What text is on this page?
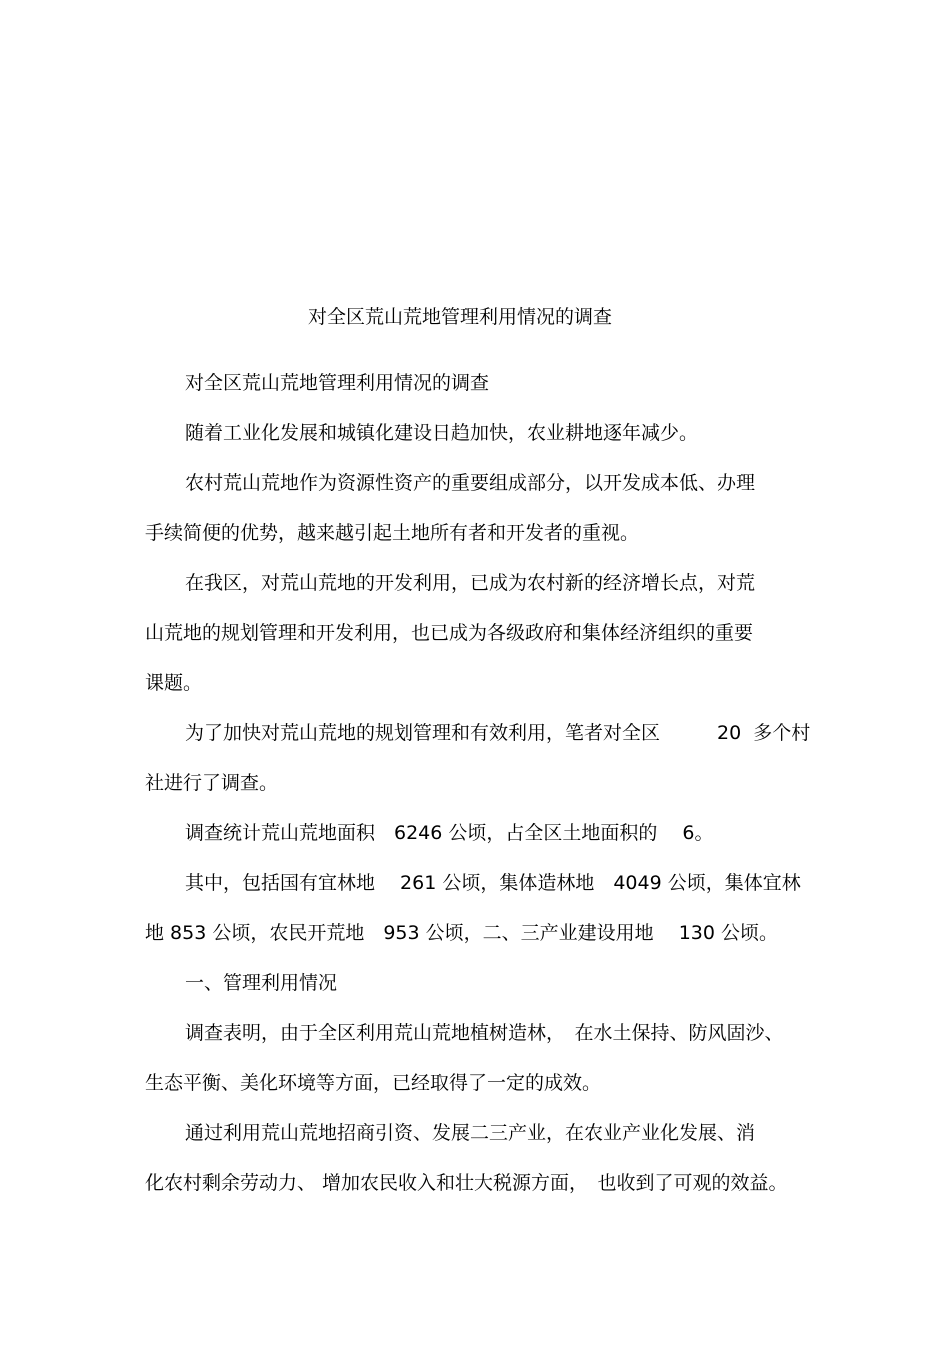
对全区荒山荒地管理利用情况的调查
对全区荒山荒地管理利用情况的调查
随着工业化发展和城镇化建设日趋加快，农业耕地逐年减少。
农村荒山荒地作为资源性资产的重要组成部分，以开发成本低、办理
手续简便的优势，越来越引起土地所有者和开发者的重视。
在我区，对荒山荒地的开发利用，已成为农村新的经济增长点，对荒
山荒地的规划管理和开发利用，也已成为各级政府和集体经济组织的重要
课题。
为了加快对荒山荒地的规划管理和有效利用，笔者对全区　　　20  多个村
社进行了调查。
调查统计荒山荒地面积　6246 公顷，占全区土地面积的　 6。
其中，包括国有宜林地　 261 公顷，集体造林地　4049 公顷，集体宜林
地 853 公顷，农民开荒地　953 公顷，二、三产业建设用地　 130 公顷。
一、管理利用情况
调查表明，由于全区利用荒山荒地植树造林，　在水土保持、防风固沙、
生态平衡、美化环境等方面，已经取得了一定的成效。
通过利用荒山荒地招商引资、发展二三产业，在农业产业化发展、消
化农村剩余劳动力、 增加农民收入和壮大税源方面，　也收到了可观的效益。
